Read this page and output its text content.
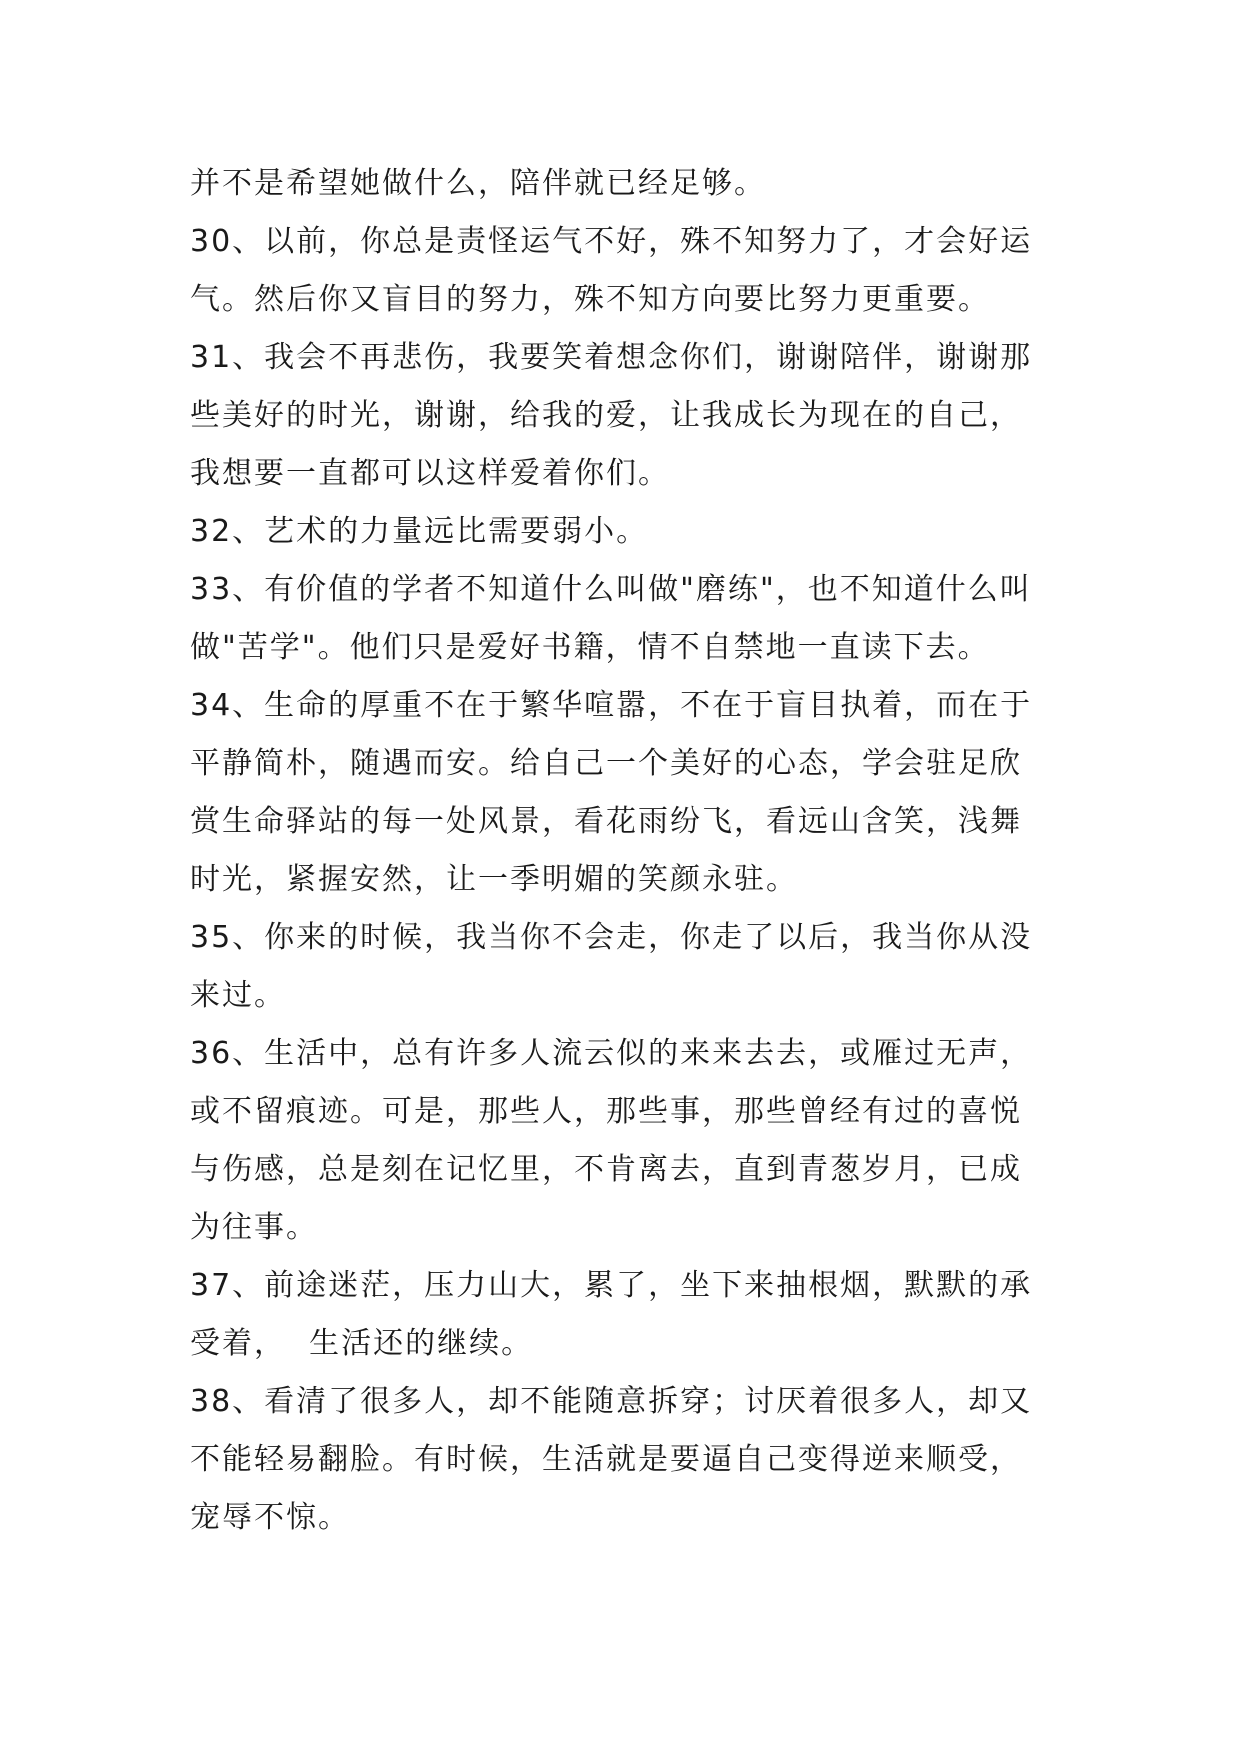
并不是希望她做什么，陪伴就已经足够。
30、以前，你总是责怪运气不好，殊不知努力了，才会好运
气。然后你又盲目的努力，殊不知方向要比努力更重要。
31、我会不再悲伤，我要笑着想念你们，谢谢陪伴，谢谢那
些美好的时光，谢谢，给我的爱，让我成长为现在的自己，
我想要一直都可以这样爱着你们。
32、艺术的力量远比需要弱小。
33、有价值的学者不知道什么叫做"磨练"，也不知道什么叫
做"苦学"。他们只是爱好书籍，情不自禁地一直读下去。
34、生命的厚重不在于繁华喧嚣，不在于盲目执着，而在于
平静简朴，随遇而安。给自己一个美好的心态，学会驻足欣
赏生命驿站的每一处风景，看花雨纷飞，看远山含笑，浅舞
时光，紧握安然，让一季明媚的笑颜永驻。
35、你来的时候，我当你不会走，你走了以后，我当你从没
来过。
36、生活中，总有许多人流云似的来来去去，或雁过无声，
或不留痕迹。可是，那些人，那些事，那些曾经有过的喜悦
与伤感，总是刻在记忆里，不肯离去，直到青葱岁月，已成
为往事。
37、前途迷茫，压力山大，累了，坐下来抽根烟，默默的承
受着，  生活还的继续。
38、看清了很多人，却不能随意拆穿；讨厌着很多人，却又
不能轻易翻脸。有时候，生活就是要逼自己变得逆来顺受，
宠辱不惊。
